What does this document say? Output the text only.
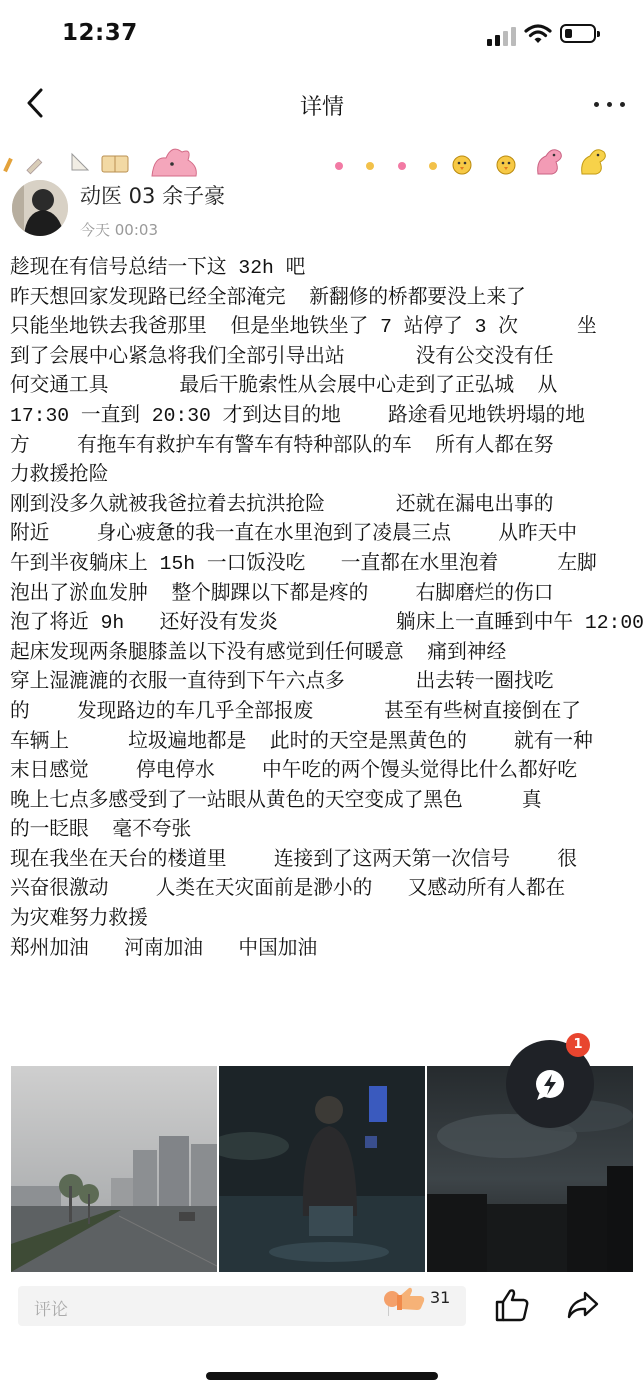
12:37
详情
动医 03 余子豪
今天 00:03
趁现在有信号总结一下这 32h 吧
昨天想回家发现路已经全部淹完  新翻修的桥都要没上来了
只能坐地铁去我爸那里  但是坐地铁坐了 7 站停了 3 次     坐
到了会展中心紧急将我们全部引导出站      没有公交没有任
何交通工具      最后干脆索性从会展中心走到了正弘城  从
17:30 一直到 20:30 才到达目的地    路途看见地铁坍塌的地
方    有拖车有救护车有警车有特种部队的车  所有人都在努
力救援抢险
刚到没多久就被我爸拉着去抗洪抢险      还就在漏电出事的
附近    身心疲惫的我一直在水里泡到了凌晨三点    从昨天中
午到半夜躺床上 15h 一口饭没吃   一直都在水里泡着     左脚
泡出了淤血发肿  整个脚踝以下都是疼的    右脚磨烂的伤口
泡了将近 9h   还好没有发炎          躺床上一直睡到中午 12:00
起床发现两条腿膝盖以下没有感觉到任何暖意  痛到神经
穿上湿漉漉的衣服一直待到下午六点多      出去转一圈找吃
的    发现路边的车几乎全部报废      甚至有些树直接倒在了
车辆上     垃圾遍地都是  此时的天空是黑黄色的    就有一种
末日感觉    停电停水    中午吃的两个馒头觉得比什么都好吃
晚上七点多感受到了一站眼从黄色的天空变成了黑色     真
的一眨眼  毫不夸张
现在我坐在天台的楼道里    连接到了这两天第一次信号    很
兴奋很激动    人类在天灾面前是渺小的   又感动所有人都在
为灾难努力救援
郑州加油   河南加油   中国加油
1
评论
31
